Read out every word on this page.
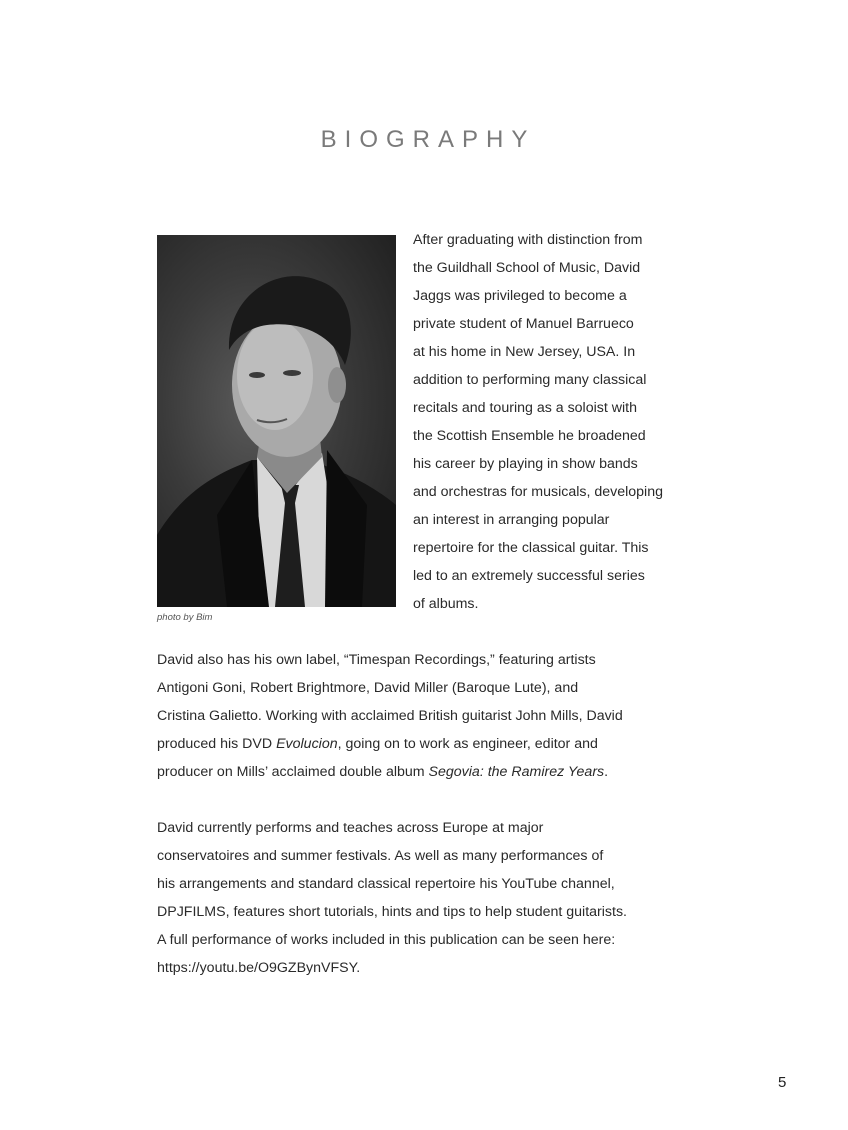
BIOGRAPHY
photo by Bim

After graduating with distinction from
the Guildhall School of Music, David
Jaggs was privileged to become a
private student of Manuel Barrueco
at his home in New Jersey, USA. In
addition to performing many classical
recitals and touring as a soloist with
the Scottish Ensemble he broadened
his career by playing in show bands
and orchestras for musicals, developing
an interest in arranging popular
repertoire for the classical guitar. This
led to an extremely successful series
of albums.

David also has his own label, “Timespan Recordings,” featuring artists
Antigoni Goni, Robert Brightmore, David Miller (Baroque Lute), and
Cristina Galietto. Working with acclaimed British guitarist John Mills, David
produced his DVD Evolucion, going on to work as engineer, editor and
producer on Mills’ acclaimed double album Segovia: the Ramirez Years.

David currently performs and teaches across Europe at major
conservatoires and summer festivals. As well as many performances of
his arrangements and standard classical repertoire his YouTube channel,
DPJFILMS, features short tutorials, hints and tips to help student guitarists.
A full performance of works included in this publication can be seen here:
https://youtu.be/O9GZBynVFSY.

5
